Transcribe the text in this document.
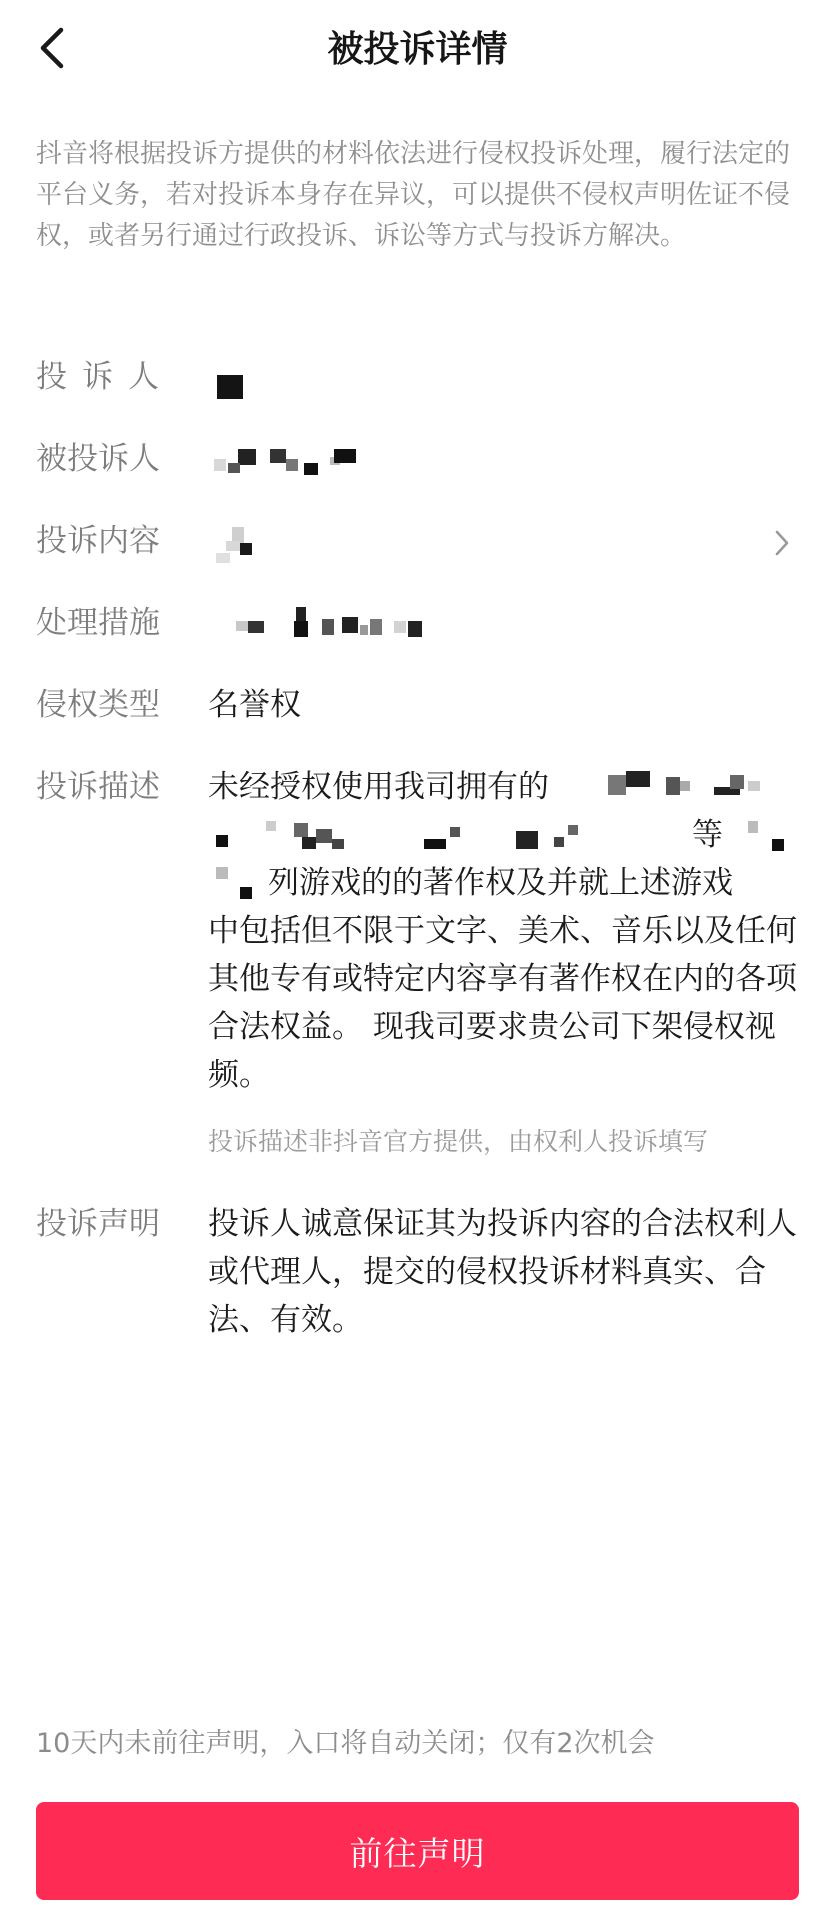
被投诉详情
抖音将根据投诉方提供的材料依法进行侵权投诉处理，履行法定的平台义务，若对投诉本身存在异议，可以提供不侵权声明佐证不侵权，或者另行通过行政投诉、诉讼等方式与投诉方解决。
投诉人
被投诉人
投诉内容
处理措施
侵权类型	名誉权
投诉描述	未经授权使用我司拥有的
等
列游戏的的著作权及并就上述游戏
中包括但不限于文字、美术、音乐以及任何其他专有或特定内容享有著作权在内的各项合法权益。 现我司要求贵公司下架侵权视频。
投诉描述非抖音官方提供，由权利人投诉填写
投诉声明	投诉人诚意保证其为投诉内容的合法权利人或代理人，提交的侵权投诉材料真实、合法、有效。
10天内未前往声明，入口将自动关闭；仅有2次机会
前往声明
